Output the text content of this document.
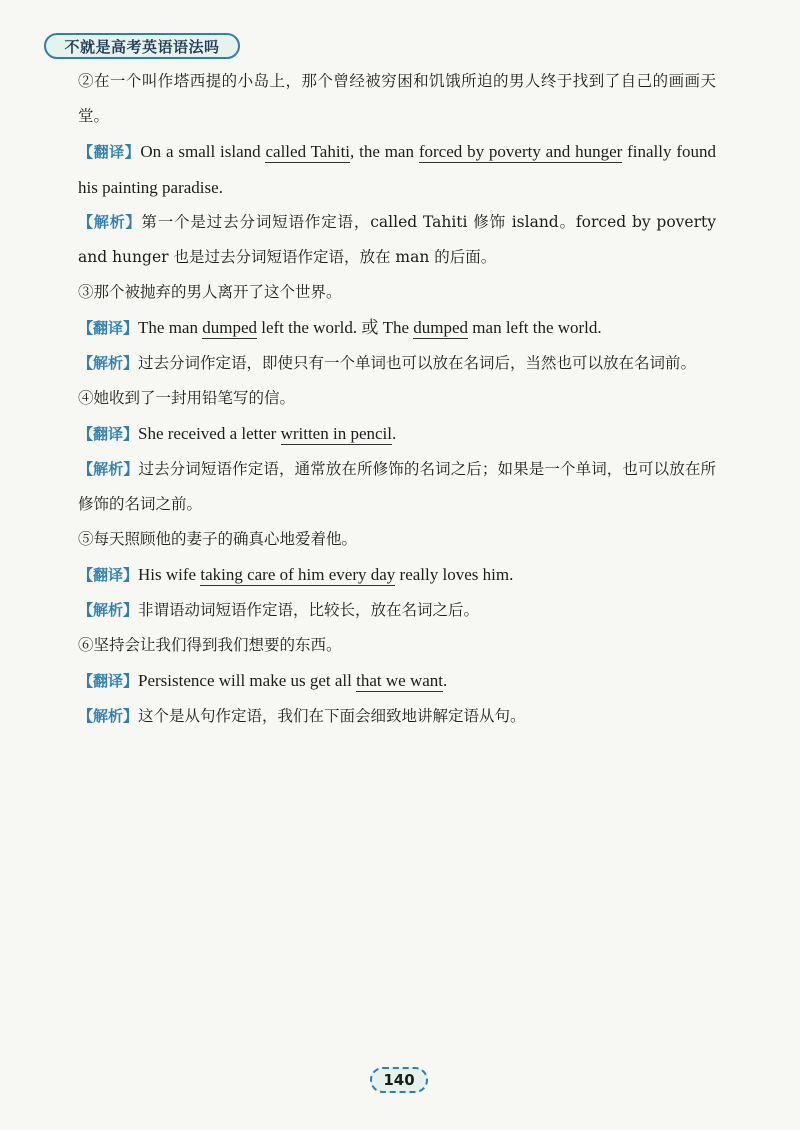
不就是高考英语语法吗

②在一个叫作塔西提的小岛上，那个曾经被穷困和饥饿所迫的男人终于找到了自己的画画天堂。

【翻译】On a small island called Tahiti, the man forced by poverty and hunger finally found his painting paradise.

【解析】第一个是过去分词短语作定语，called Tahiti 修饰 island。forced by poverty and hunger 也是过去分词短语作定语，放在 man 的后面。

③那个被抛弃的男人离开了这个世界。

【翻译】The man dumped left the world. 或 The dumped man left the world.

【解析】过去分词作定语，即使只有一个单词也可以放在名词后，当然也可以放在名词前。

④她收到了一封用铅笔写的信。

【翻译】She received a letter written in pencil.

【解析】过去分词短语作定语，通常放在所修饰的名词之后；如果是一个单词，也可以放在所修饰的名词之前。

⑤每天照顾他的妻子的确真心地爱着他。

【翻译】His wife taking care of him every day really loves him.

【解析】非谓语动词短语作定语，比较长，放在名词之后。

⑥坚持会让我们得到我们想要的东西。

【翻译】Persistence will make us get all that we want.

【解析】这个是从句作定语，我们在下面会细致地讲解定语从句。

140
